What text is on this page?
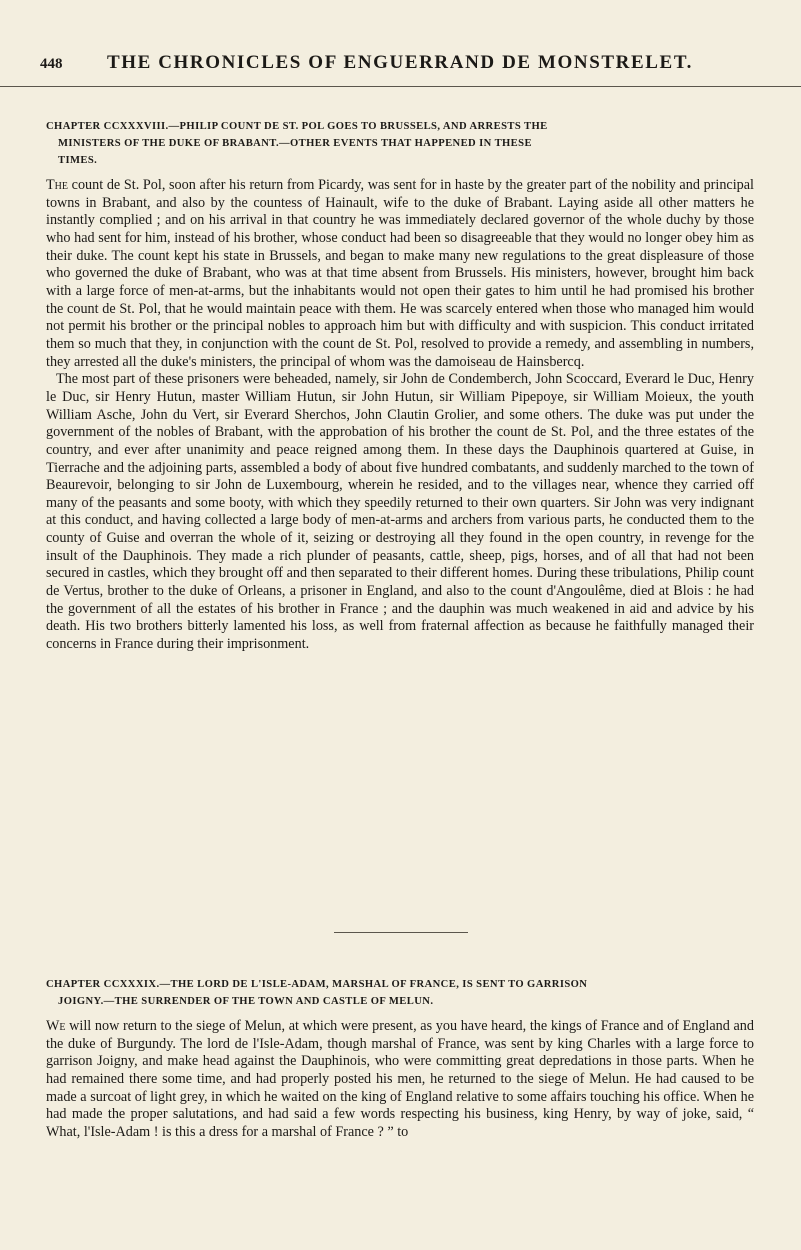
448	THE CHRONICLES OF ENGUERRAND DE MONSTRELET.

CHAPTER CCXXXVIII.—PHILIP COUNT DE ST. POL GOES TO BRUSSELS, AND ARRESTS THE
MINISTERS OF THE DUKE OF BRABANT.—OTHER EVENTS THAT HAPPENED IN THESE
TIMES.

The count de St. Pol, soon after his return from Picardy, was sent for in haste by the greater part of the nobility and principal towns in Brabant, and also by the countess of Hainault, wife to the duke of Brabant. Laying aside all other matters he instantly complied ; and on his arrival in that country he was immediately declared governor of the whole duchy by those who had sent for him, instead of his brother, whose conduct had been so disagreeable that they would no longer obey him as their duke. The count kept his state in Brussels, and began to make many new regulations to the great displeasure of those who governed the duke of Brabant, who was at that time absent from Brussels. His ministers, however, brought him back with a large force of men-at-arms, but the inhabitants would not open their gates to him until he had promised his brother the count de St. Pol, that he would maintain peace with them. He was scarcely entered when those who managed him would not permit his brother or the principal nobles to approach him but with difficulty and with suspicion. This conduct irritated them so much that they, in conjunction with the count de St. Pol, resolved to provide a remedy, and assembling in numbers, they arrested all the duke's ministers, the principal of whom was the damoiseau de Hainsbercq.

The most part of these prisoners were beheaded, namely, sir John de Condemberch, John Scoccard, Everard le Duc, Henry le Duc, sir Henry Hutun, master William Hutun, sir John Hutun, sir William Pipepoye, sir William Moieux, the youth William Asche, John du Vert, sir Everard Sherchos, John Clautin Grolier, and some others. The duke was put under the government of the nobles of Brabant, with the approbation of his brother the count de St. Pol, and the three estates of the country, and ever after unanimity and peace reigned among them. In these days the Dauphinois quartered at Guise, in Tierrache and the adjoining parts, assembled a body of about five hundred combatants, and suddenly marched to the town of Beaurevoir, belonging to sir John de Luxembourg, wherein he resided, and to the villages near, whence they carried off many of the peasants and some booty, with which they speedily returned to their own quarters. Sir John was very indignant at this conduct, and having collected a large body of men-at-arms and archers from various parts, he conducted them to the county of Guise and overran the whole of it, seizing or destroying all they found in the open country, in revenge for the insult of the Dauphinois. They made a rich plunder of peasants, cattle, sheep, pigs, horses, and of all that had not been secured in castles, which they brought off and then separated to their different homes. During these tribulations, Philip count de Vertus, brother to the duke of Orleans, a prisoner in England, and also to the count d'Angoulême, died at Blois : he had the government of all the estates of his brother in France ; and the dauphin was much weakened in aid and advice by his death. His two brothers bitterly lamented his loss, as well from fraternal affection as because he faithfully managed their concerns in France during their imprisonment.

CHAPTER CCXXXIX.—THE LORD DE L'ISLE-ADAM, MARSHAL OF FRANCE, IS SENT TO GARRISON
JOIGNY.—THE SURRENDER OF THE TOWN AND CASTLE OF MELUN.

We will now return to the siege of Melun, at which were present, as you have heard, the kings of France and of England and the duke of Burgundy. The lord de l'Isle-Adam, though marshal of France, was sent by king Charles with a large force to garrison Joigny, and make head against the Dauphinois, who were committing great depredations in those parts. When he had remained there some time, and had properly posted his men, he returned to the siege of Melun. He had caused to be made a surcoat of light grey, in which he waited on the king of England relative to some affairs touching his office. When he had made the proper salutations, and had said a few words respecting his business, king Henry, by way of joke, said, “ What, l'Isle-Adam ! is this a dress for a marshal of France ? ” to
